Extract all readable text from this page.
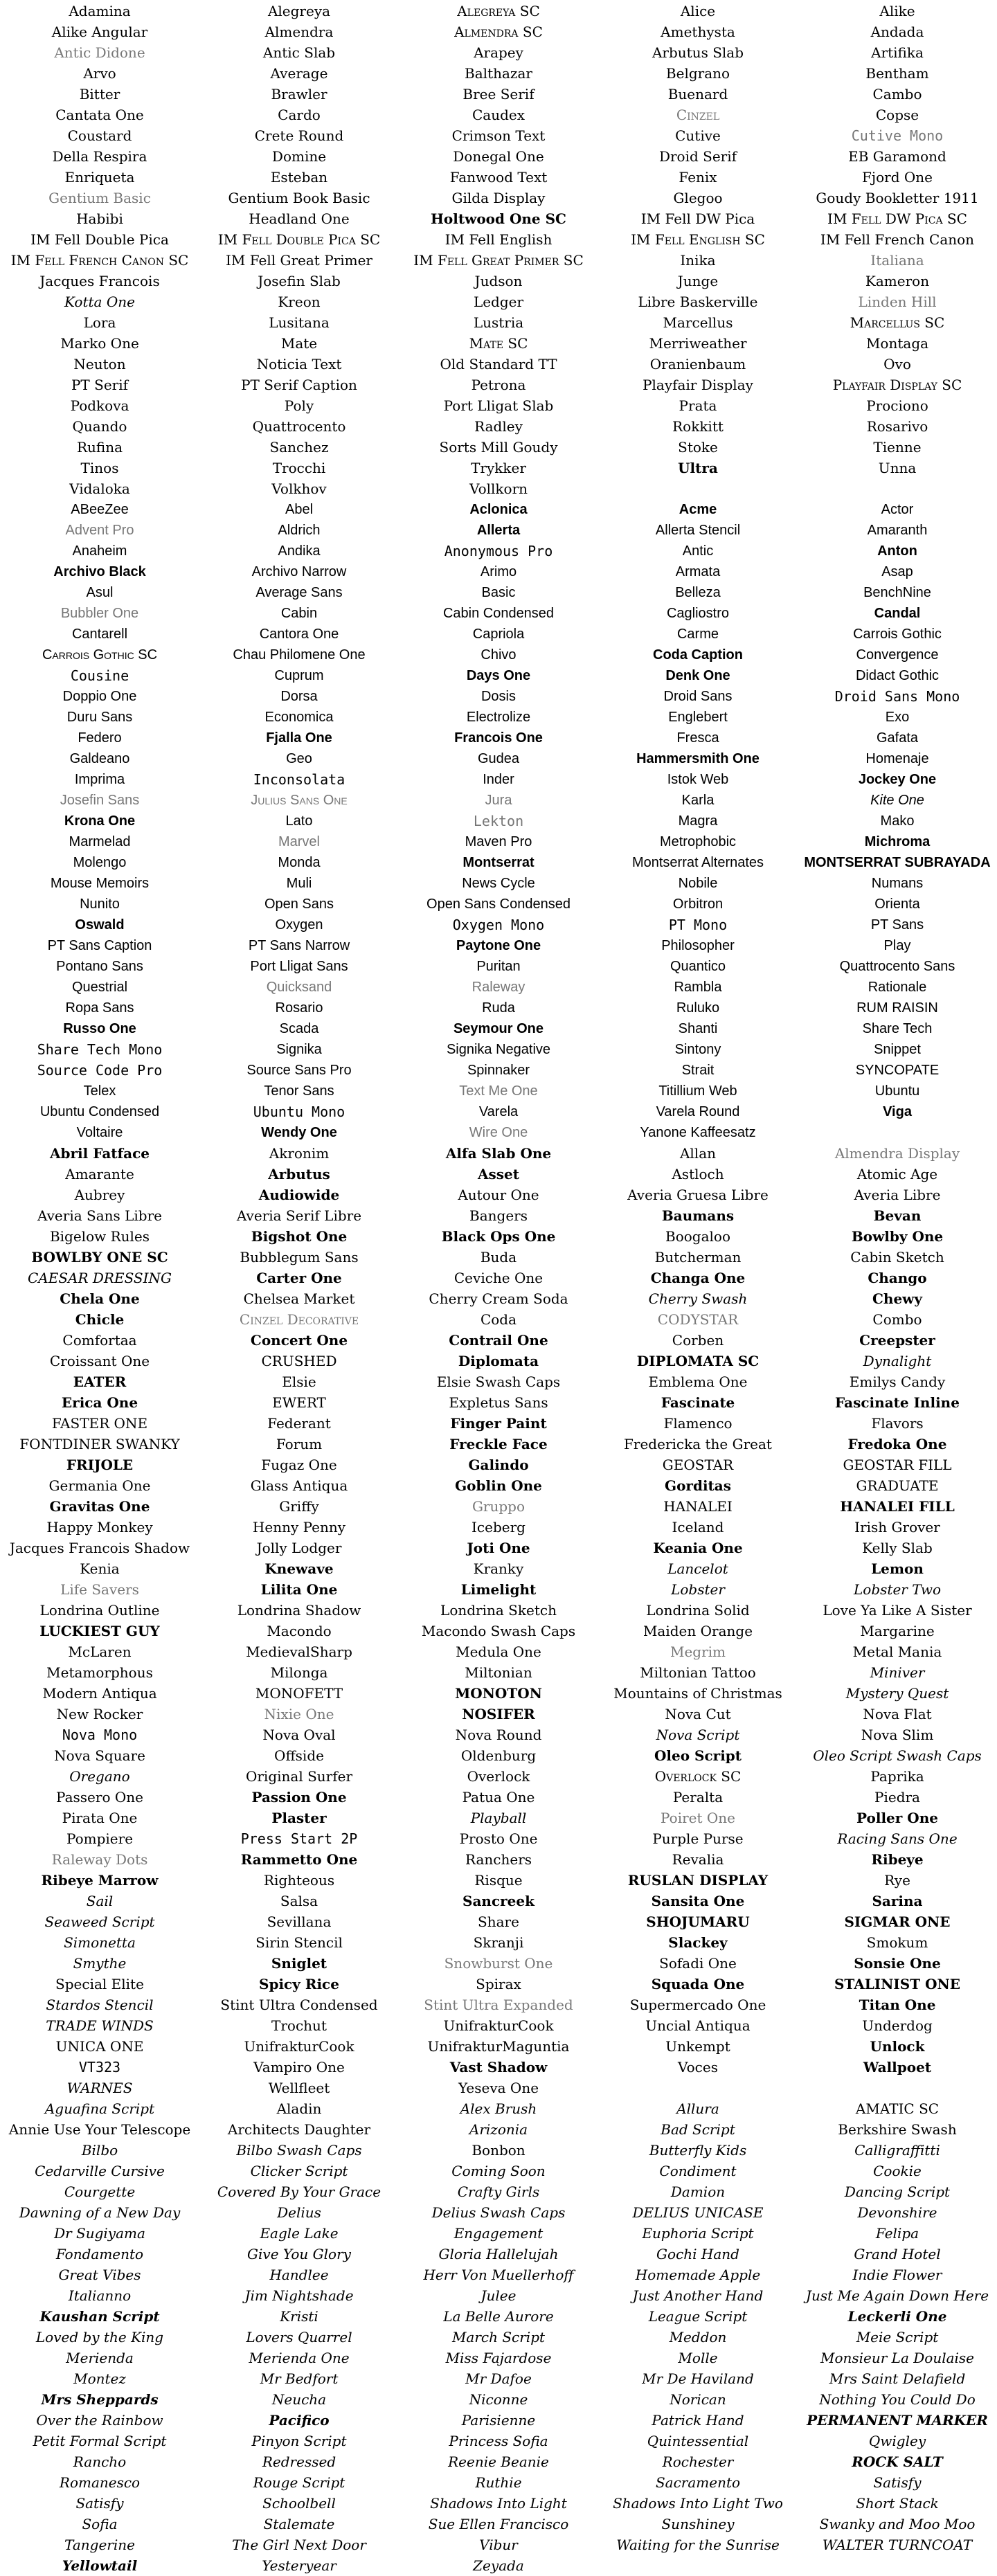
Adamina	Alegreya	Alegreya SC	Alice	Alike
Alike Angular	Almendra	Almendra SC	Amethysta	Andada
Antic Didone	Antic Slab	Arapey	Arbutus Slab	Artifika
Arvo	Average	Balthazar	Belgrano	Bentham
Bitter	Brawler	Bree Serif	Buenard	Cambo
Cantata One	Cardo	Caudex	Cinzel	Copse
Coustard	Crete Round	Crimson Text	Cutive	Cutive Mono
Della Respira	Domine	Donegal One	Droid Serif	EB Garamond
Enriqueta	Esteban	Fanwood Text	Fenix	Fjord One
Gentium Basic	Gentium Book Basic	Gilda Display	Glegoo	Goudy Bookletter 1911
Habibi	Headland One	Holtwood One SC	IM Fell DW Pica	IM Fell DW Pica SC
IM Fell Double Pica	IM Fell Double Pica SC	IM Fell English	IM Fell English SC	IM Fell French Canon
IM Fell French Canon SC	IM Fell Great Primer	IM Fell Great Primer SC	Inika	Italiana
Jacques Francois	Josefin Slab	Judson	Junge	Kameron
Kotta One	Kreon	Ledger	Libre Baskerville	Linden Hill
Lora	Lusitana	Lustria	Marcellus	Marcellus SC
Marko One	Mate	Mate SC	Merriweather	Montaga
Neuton	Noticia Text	Old Standard TT	Oranienbaum	Ovo
PT Serif	PT Serif Caption	Petrona	Playfair Display	Playfair Display SC
Podkova	Poly	Port Lligat Slab	Prata	Prociono
Quando	Quattrocento	Radley	Rokkitt	Rosarivo
Rufina	Sanchez	Sorts Mill Goudy	Stoke	Tienne
Tinos	Trocchi	Trykker	Ultra	Unna
Vidaloka	Volkhov	Vollkorn
ABeeZee	Abel	Aclonica	Acme	Actor
Advent Pro	Aldrich	Allerta	Allerta Stencil	Amaranth
Anaheim	Andika	Anonymous Pro	Antic	Anton
Archivo Black	Archivo Narrow	Arimo	Armata	Asap
Asul	Average Sans	Basic	Belleza	BenchNine
Bubbler One	Cabin	Cabin Condensed	Cagliostro	Candal
Cantarell	Cantora One	Capriola	Carme	Carrois Gothic
Carrois Gothic SC	Chau Philomene One	Chivo	Coda Caption	Convergence
Cousine	Cuprum	Days One	Denk One	Didact Gothic
Doppio One	Dorsa	Dosis	Droid Sans	Droid Sans Mono
Duru Sans	Economica	Electrolize	Englebert	Exo
Federo	Fjalla One	Francois One	Fresca	Gafata
Galdeano	Geo	Gudea	Hammersmith One	Homenaje
Imprima	Inconsolata	Inder	Istok Web	Jockey One
Josefin Sans	Julius Sans One	Jura	Karla	Kite One
Krona One	Lato	Lekton	Magra	Mako
Marmelad	Marvel	Maven Pro	Metrophobic	Michroma
Molengo	Monda	Montserrat	Montserrat Alternates	MONTSERRAT SUBRAYADA
Mouse Memoirs	Muli	News Cycle	Nobile	Numans
Nunito	Open Sans	Open Sans Condensed	Orbitron	Orienta
Oswald	Oxygen	Oxygen Mono	PT Mono	PT Sans
PT Sans Caption	PT Sans Narrow	Paytone One	Philosopher	Play
Pontano Sans	Port Lligat Sans	Puritan	Quantico	Quattrocento Sans
Questrial	Quicksand	Raleway	Rambla	Rationale
Ropa Sans	Rosario	Ruda	Ruluko	RUM RAISIN
Russo One	Scada	Seymour One	Shanti	Share Tech
Share Tech Mono	Signika	Signika Negative	Sintony	Snippet
Source Code Pro	Source Sans Pro	Spinnaker	Strait	SYNCOPATE
Telex	Tenor Sans	Text Me One	Titillium Web	Ubuntu
Ubuntu Condensed	Ubuntu Mono	Varela	Varela Round	Viga
Voltaire	Wendy One	Wire One	Yanone Kaffeesatz
Abril Fatface	Akronim	Alfa Slab One	Allan	Almendra Display
Amarante	Arbutus	Asset	Astloch	Atomic Age
Aubrey	Audiowide	Autour One	Averia Gruesa Libre	Averia Libre
Averia Sans Libre	Averia Serif Libre	Bangers	Baumans	Bevan
Bigelow Rules	Bigshot One	Black Ops One	Boogaloo	Bowlby One
BOWLBY ONE SC	Bubblegum Sans	Buda	Butcherman	Cabin Sketch
CAESAR DRESSING	Carter One	Ceviche One	Changa One	Chango
Chela One	Chelsea Market	Cherry Cream Soda	Cherry Swash	Chewy
Chicle	Cinzel Decorative	Coda	CODYSTAR	Combo
Comfortaa	Concert One	Contrail One	Corben	Creepster
Croissant One	CRUSHED	Diplomata	DIPLOMATA SC	Dynalight
EATER	Elsie	Elsie Swash Caps	Emblema One	Emilys Candy
Erica One	EWERT	Expletus Sans	Fascinate	Fascinate Inline
FASTER ONE	Federant	Finger Paint	Flamenco	Flavors
FONTDINER SWANKY	Forum	Freckle Face	Fredericka the Great	Fredoka One
FRIJOLE	Fugaz One	Galindo	GEOSTAR	GEOSTAR FILL
Germania One	Glass Antiqua	Goblin One	Gorditas	GRADUATE
Gravitas One	Griffy	Gruppo	HANALEI	HANALEI FILL
Happy Monkey	Henny Penny	Iceberg	Iceland	Irish Grover
Jacques Francois Shadow	Jolly Lodger	Joti One	Keania One	Kelly Slab
Kenia	Knewave	Kranky	Lancelot	Lemon
Life Savers	Lilita One	Limelight	Lobster	Lobster Two
Londrina Outline	Londrina Shadow	Londrina Sketch	Londrina Solid	Love Ya Like A Sister
LUCKIEST GUY	Macondo	Macondo Swash Caps	Maiden Orange	Margarine
McLaren	MedievalSharp	Medula One	Megrim	Metal Mania
Metamorphous	Milonga	Miltonian	Miltonian Tattoo	Miniver
Modern Antiqua	MONOFETT	MONOTON	Mountains of Christmas	Mystery Quest
New Rocker	Nixie One	NOSIFER	Nova Cut	Nova Flat
Nova Mono	Nova Oval	Nova Round	Nova Script	Nova Slim
Nova Square	Offside	Oldenburg	Oleo Script	Oleo Script Swash Caps
Oregano	Original Surfer	Overlock	Overlock SC	Paprika
Passero One	Passion One	Patua One	Peralta	Piedra
Pirata One	Plaster	Playball	Poiret One	Poller One
Pompiere	Press Start 2P	Prosto One	Purple Purse	Racing Sans One
Raleway Dots	Rammetto One	Ranchers	Revalia	Ribeye
Ribeye Marrow	Righteous	Risque	RUSLAN DISPLAY	Rye
Sail	Salsa	Sancreek	Sansita One	Sarina
Seaweed Script	Sevillana	Share	SHOJUMARU	SIGMAR ONE
Simonetta	Sirin Stencil	Skranji	Slackey	Smokum
Smythe	Sniglet	Snowburst One	Sofadi One	Sonsie One
Special Elite	Spicy Rice	Spirax	Squada One	STALINIST ONE
Stardos Stencil	Stint Ultra Condensed	Stint Ultra Expanded	Supermercado One	Titan One
TRADE WINDS	Trochut	UnifrakturCook	Uncial Antiqua	Underdog
UNICA ONE	UnifrakturCook	UnifrakturMaguntia	Unkempt	Unlock
VT323	Vampiro One	Vast Shadow	Voces	Wallpoet
WARNES	Wellfleet	Yeseva One
Aguafina Script	Aladin	Alex Brush	Allura	AMATIC SC
Annie Use Your Telescope	Architects Daughter	Arizonia	Bad Script	Berkshire Swash
Bilbo	Bilbo Swash Caps	Bonbon	Butterfly Kids	Calligraffitti
Cedarville Cursive	Clicker Script	Coming Soon	Condiment	Cookie
Courgette	Covered By Your Grace	Crafty Girls	Damion	Dancing Script
Dawning of a New Day	Delius	Delius Swash Caps	DELIUS UNICASE	Devonshire
Dr Sugiyama	Eagle Lake	Engagement	Euphoria Script	Felipa
Fondamento	Give You Glory	Gloria Hallelujah	Gochi Hand	Grand Hotel
Great Vibes	Handlee	Herr Von Muellerhoff	Homemade Apple	Indie Flower
Italianno	Jim Nightshade	Julee	Just Another Hand	Just Me Again Down Here
Kaushan Script	Kristi	La Belle Aurore	League Script	Leckerli One
Loved by the King	Lovers Quarrel	March Script	Meddon	Meie Script
Merienda	Merienda One	Miss Fajardose	Molle	Monsieur La Doulaise
Montez	Mr Bedfort	Mr Dafoe	Mr De Haviland	Mrs Saint Delafield
Mrs Sheppards	Neucha	Niconne	Norican	Nothing You Could Do
Over the Rainbow	Pacifico	Parisienne	Patrick Hand	PERMANENT MARKER
Petit Formal Script	Pinyon Script	Princess Sofia	Quintessential	Qwigley
Rancho	Redressed	Reenie Beanie	Rochester	ROCK SALT
Romanesco	Rouge Script	Ruthie	Sacramento	Satisfy
Satisfy	Schoolbell	Shadows Into Light	Shadows Into Light Two	Short Stack
Sofia	Stalemate	Sue Ellen Francisco	Sunshiney	Swanky and Moo Moo
Tangerine	The Girl Next Door	Vibur	Waiting for the Sunrise	WALTER TURNCOAT
Yellowtail	Yesteryear	Zeyada
